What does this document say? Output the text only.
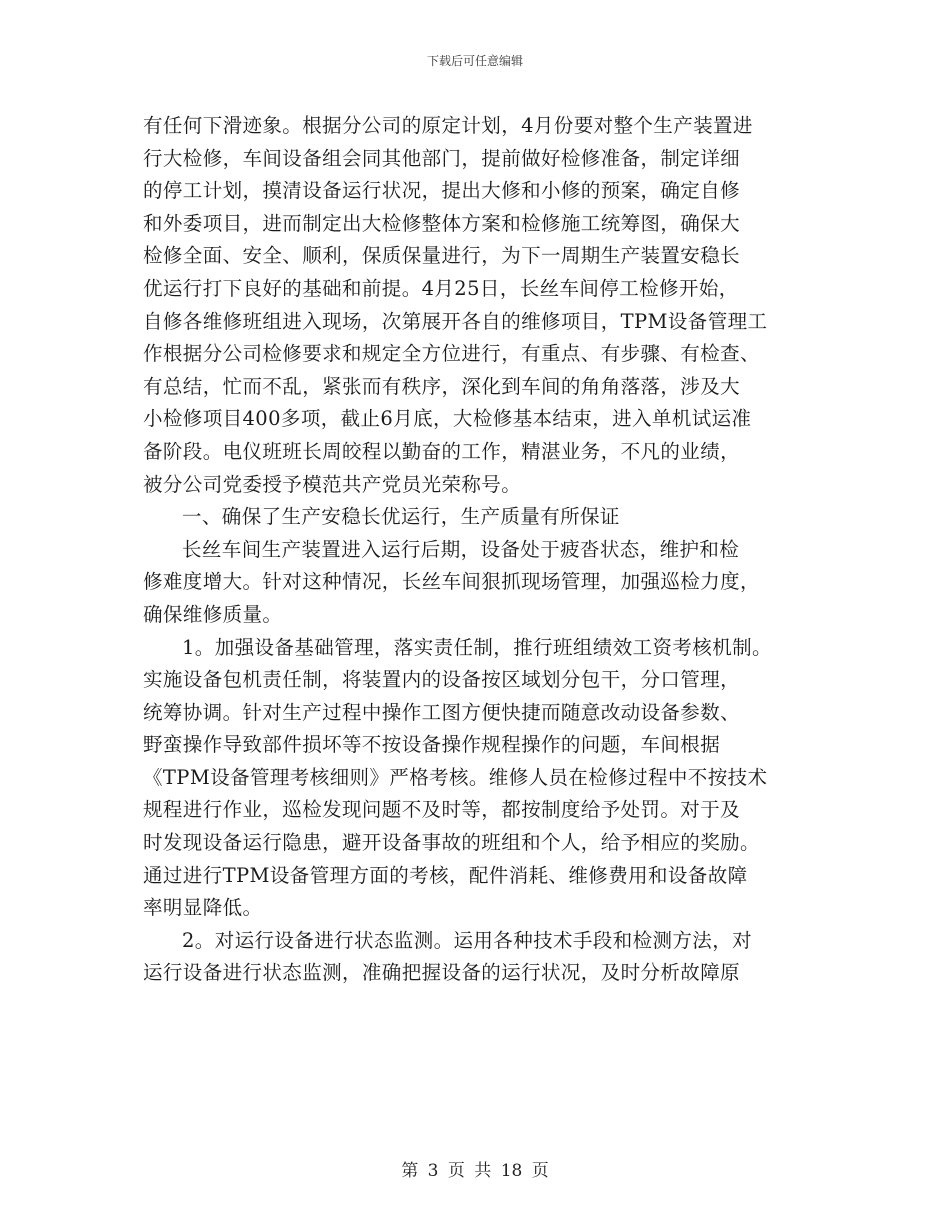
下载后可任意编辑
有任何下滑迹象。根据分公司的原定计划，4月份要对整个生产装置进
行大检修，车间设备组会同其他部门，提前做好检修准备，制定详细
的停工计划，摸清设备运行状况，提出大修和小修的预案，确定自修
和外委项目，进而制定出大检修整体方案和检修施工统筹图，确保大
检修全面、安全、顺利，保质保量进行，为下一周期生产装置安稳长
优运行打下良好的基础和前提。4月25日，长丝车间停工检修开始，
自修各维修班组进入现场，次第展开各自的维修项目，TPM设备管理工
作根据分公司检修要求和规定全方位进行，有重点、有步骤、有检查、
有总结，忙而不乱，紧张而有秩序，深化到车间的角角落落，涉及大
小检修项目400多项，截止6月底，大检修基本结束，进入单机试运准
备阶段。电仪班班长周皎程以勤奋的工作，精湛业务，不凡的业绩，
被分公司党委授予模范共产党员光荣称号。
一、确保了生产安稳长优运行，生产质量有所保证
长丝车间生产装置进入运行后期，设备处于疲沓状态，维护和检
修难度增大。针对这种情况，长丝车间狠抓现场管理，加强巡检力度，
确保维修质量。
1。加强设备基础管理，落实责任制，推行班组绩效工资考核机制。
实施设备包机责任制，将装置内的设备按区域划分包干，分口管理，
统筹协调。针对生产过程中操作工图方便快捷而随意改动设备参数、
野蛮操作导致部件损坏等不按设备操作规程操作的问题，车间根据
《TPM设备管理考核细则》严格考核。维修人员在检修过程中不按技术
规程进行作业，巡检发现问题不及时等，都按制度给予处罚。对于及
时发现设备运行隐患，避开设备事故的班组和个人，给予相应的奖励。
通过进行TPM设备管理方面的考核，配件消耗、维修费用和设备故障
率明显降低。
2。对运行设备进行状态监测。运用各种技术手段和检测方法，对
运行设备进行状态监测，准确把握设备的运行状况，及时分析故障原
第 3 页 共 18 页
